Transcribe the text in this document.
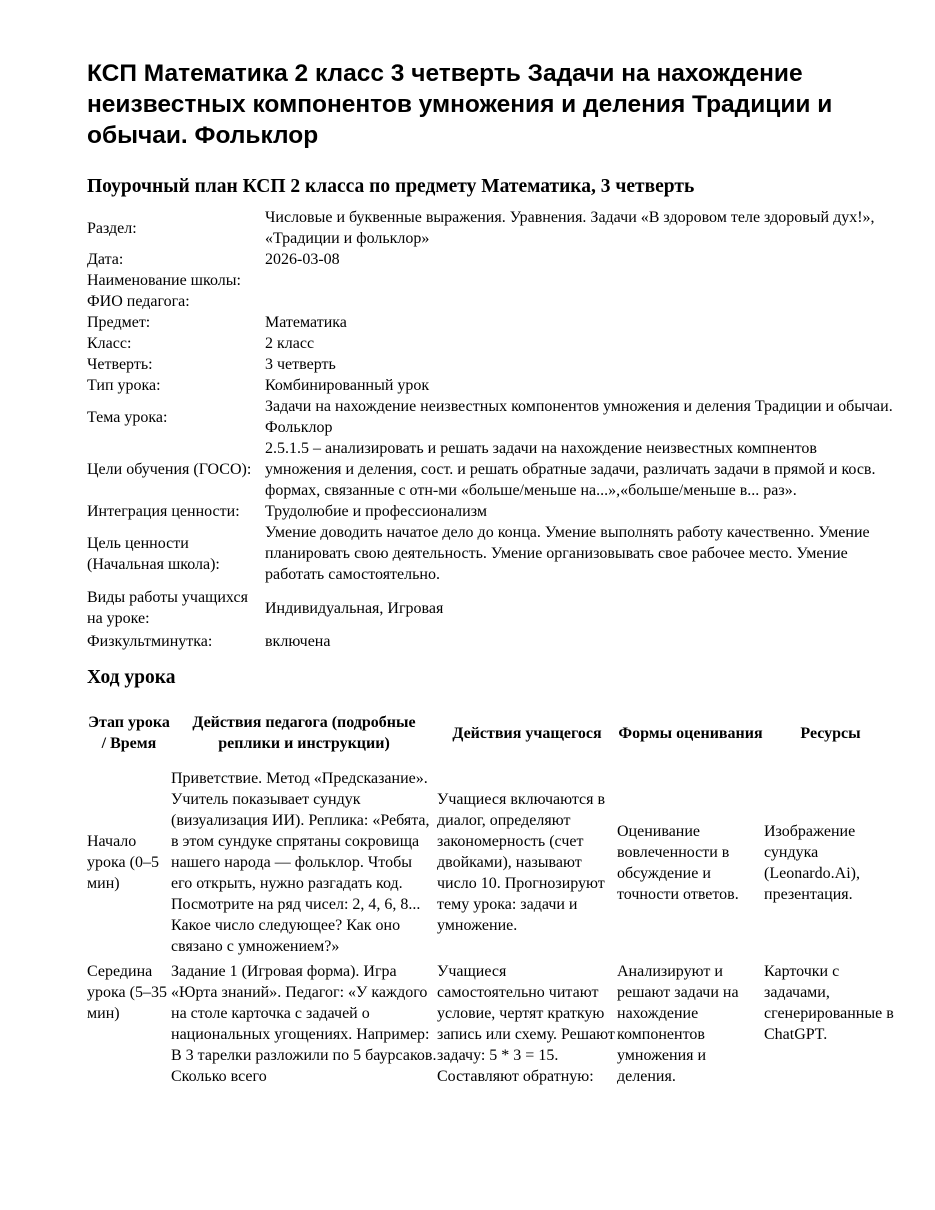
КСП Математика 2 класс 3 четверть Задачи на нахождение неизвестных компонентов умножения и деления Традиции и обычаи. Фольклор
Поурочный план КСП 2 класса по предмету Математика, 3 четверть
Раздел:	Числовые и буквенные выражения. Уравнения. Задачи «В здоровом теле здоровый дух!», «Традиции и фольклор»
Дата:	2026-03-08
Наименование школы:	
ФИО педагога:	
Предмет:	Математика
Класс:	2 класс
Четверть:	3 четверть
Тип урока:	Комбинированный урок
Тема урока:	Задачи на нахождение неизвестных компонентов умножения и деления Традиции и обычаи. Фольклор
Цели обучения (ГОСО):	2.5.1.5 – анализировать и решать задачи на нахождение неизвестных компнентов умножения и деления, сост. и решать обратные задачи, различать задачи в прямой и косв. формах, связанные с отн-ми «больше/меньше на...»,«больше/меньше в... раз».
Интеграция ценности:	Трудолюбие и профессионализм
Цель ценности (Начальная школа):	Умение доводить начатое дело до конца. Умение выполнять работу качественно. Умение планировать свою деятельность. Умение организовывать свое рабочее место. Умение работать самостоятельно.
Виды работы учащихся на уроке:	Индивидуальная, Игровая
Физкультминутка:	включена
Ход урока
Этап урока / Время	Действия педагога (подробные реплики и инструкции)	Действия учащегося	Формы оценивания	Ресурсы
Начало урока (0–5 мин)	Приветствие. Метод «Предсказание». Учитель показывает сундук (визуализация ИИ). Реплика: «Ребята, в этом сундуке спрятаны сокровища нашего народа — фольклор. Чтобы его открыть, нужно разгадать код. Посмотрите на ряд чисел: 2, 4, 6, 8... Какое число следующее? Как оно связано с умножением?»	Учащиеся включаются в диалог, определяют закономерность (счет двойками), называют число 10. Прогнозируют тему урока: задачи и умножение.	Оценивание вовлеченности в обсуждение и точности ответов.	Изображение сундука (Leonardo.Ai), презентация.
Середина урока (5–35 мин)	Задание 1 (Игровая форма). Игра «Юрта знаний». Педагог: «У каждого на столе карточка с задачей о национальных угощениях. Например: В 3 тарелки разложили по 5 баурсаков. Сколько всего	Учащиеся самостоятельно читают условие, чертят краткую запись или схему. Решают задачу: 5 * 3 = 15. Составляют обратную:	Анализируют и решают задачи на нахождение компонентов умножения и деления.	Карточки с задачами, сгенерированные в ChatGPT.
